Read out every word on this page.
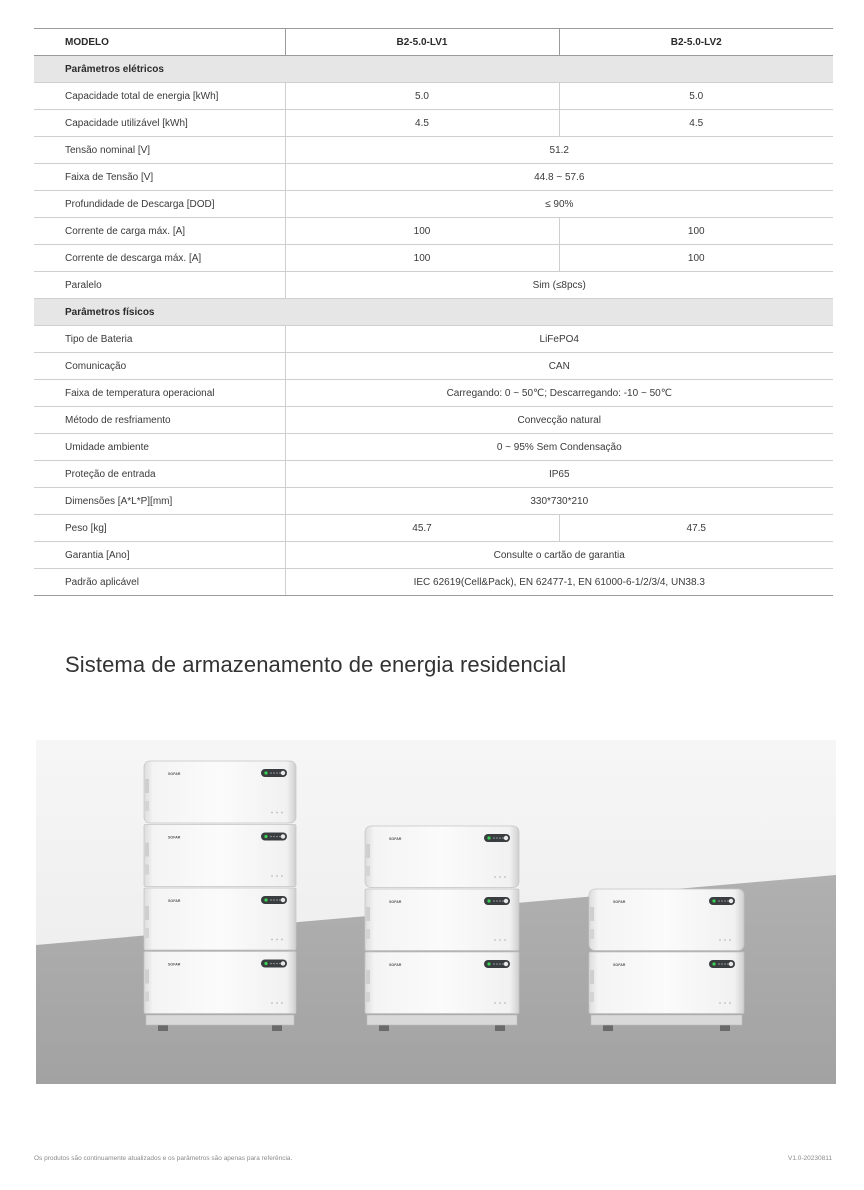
MODELO	B2-5.0-LV1	B2-5.0-LV2
Parâmetros elétricos		
Capacidade total de energia [kWh]	5.0	5.0
Capacidade utilizável [kWh]	4.5	4.5
Tensão nominal [V]	51.2	
Faixa de Tensão [V]	44.8 ~ 57.6	
Profundidade de Descarga [DOD]	≤ 90%	
Corrente de carga máx. [A]	100	100
Corrente de descarga máx. [A]	100	100
Paralelo	Sim (≤8pcs)	
Parâmetros físicos		
Tipo de Bateria	LiFePO4	
Comunicação	CAN	
Faixa de temperatura operacional	Carregando: 0 ~ 50℃; Descarregando: -10 ~ 50℃	
Método de resfriamento	Convecção natural	
Umidade ambiente	0 ~ 95% Sem Condensação	
Proteção de entrada	IP65	
Dimensões [A*L*P][mm]	330*730*210	
Peso [kg]	45.7	47.5
Garantia [Ano]	Consulte o cartão de garantia	
Padrão aplicável	IEC 62619(Cell&Pack), EN 62477-1, EN 61000-6-1/2/3/4, UN38.3	
Sistema de armazenamento de energia residencial
SOFAR
SOFAR
SOFAR
SOFAR
SOFAR
SOFAR
SOFAR
SOFAR
SOFAR
Os produtos são continuamente atualizados e os parâmetros são apenas para referência.	V1.0-20230811
